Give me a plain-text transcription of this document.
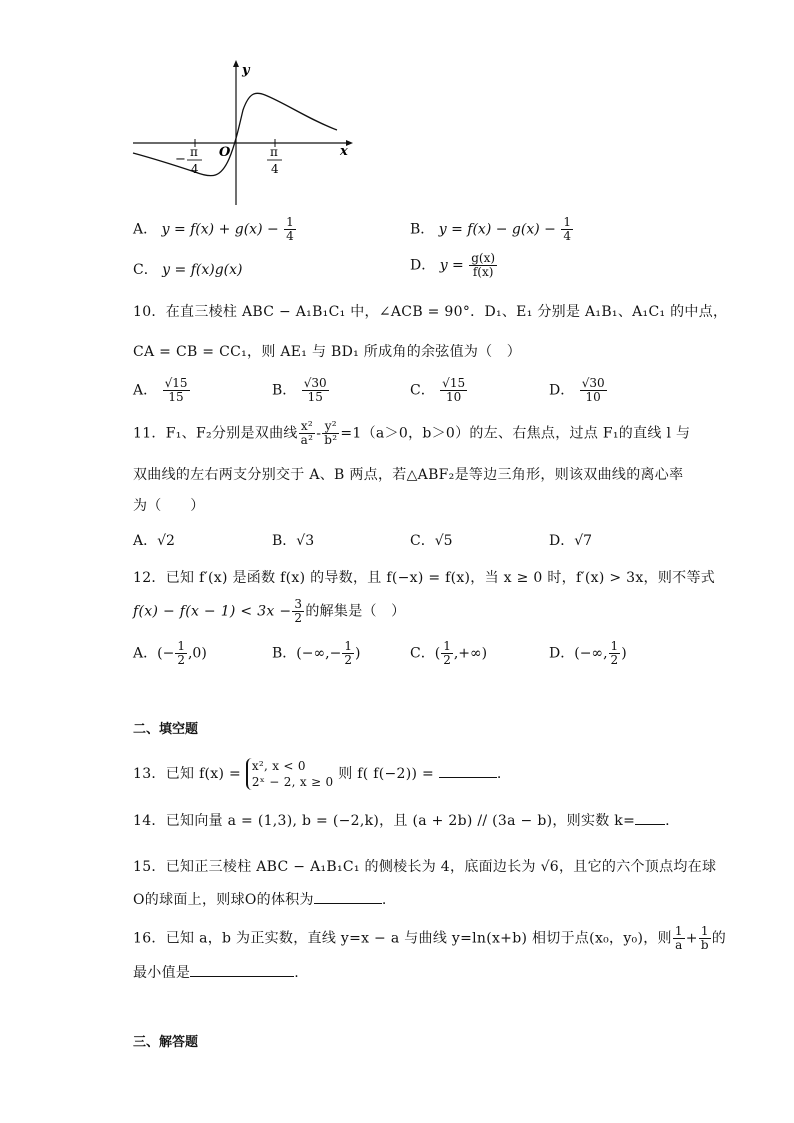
y
x
O
− π
4
π
4
A． $y = f(x) + g(x) - \frac{1}{4}$	B． $y = f(x) - g(x) - \frac{1}{4}$
C． y = f(x)g(x)	D． $y = \frac{g(x)}{f(x)}$
10．在直三棱柱 ABC − A₁B₁C₁ 中，∠ACB = 90°．D₁、E₁ 分别是 A₁B₁、A₁C₁ 的中点，
CA = CB = CC₁，则 AE₁ 与 BD₁ 所成角的余弦值为（　）
A． $\frac{√15}{15}$	B． $\frac{√30}{15}$	C． $\frac{√15}{10}$	D． $\frac{√30}{10}$
11．F₁、F₂分别是双曲线 $\frac{\text{x²}}{\text{a²}} - \frac{\text{y²}}{\text{b²}} =1(a>0$，b＞0）的左、右焦点，过点 F₁的直线 l 与
双曲线的左右两支分别交于 A、B 两点，若△ABF₂是等边三角形，则该双曲线的离心率
为（　　）
A．√2	B．√3	C．√5	D．√7
12．已知 f′(x) 是函数 f(x) 的导数，且 f(−x) = f(x)，当 x ≥ 0 时，f′(x) > 3x，则不等式
$f(x) - f(x - 1) < 3x - \frac{3}{2}$ 的解集是（　）
A．(− $\frac{1}{2} ,0$)	B．(−∞,− $\frac{1}{2}$ )	C．( $\frac{1}{2}$ ,+∞)	D．(−∞, $\frac{1}{2}$ )
二、填空题
13．已知 f(x) = x², x < 0
2ˣ − 2, x ≥ 0 则 f( f(−2)) =	.
14．已知向量 a = (1,3), b = (−2,k)，且 (a + 2b) // (3a − b)，则实数 k= .
15．已知正三棱柱 ABC − A₁B₁C₁ 的侧棱长为 4，底面边长为 √6，且它的六个顶点均在球
O的球面上，则球O的体积为	.
16．已知 a，b 为正实数，直线 y=x − a 与曲线 y=ln(x+b) 相切于点(x₀，y₀)，则 $\frac{1}{a} + \frac{1}{b}$ 的
最小值是	.
三、解答题
